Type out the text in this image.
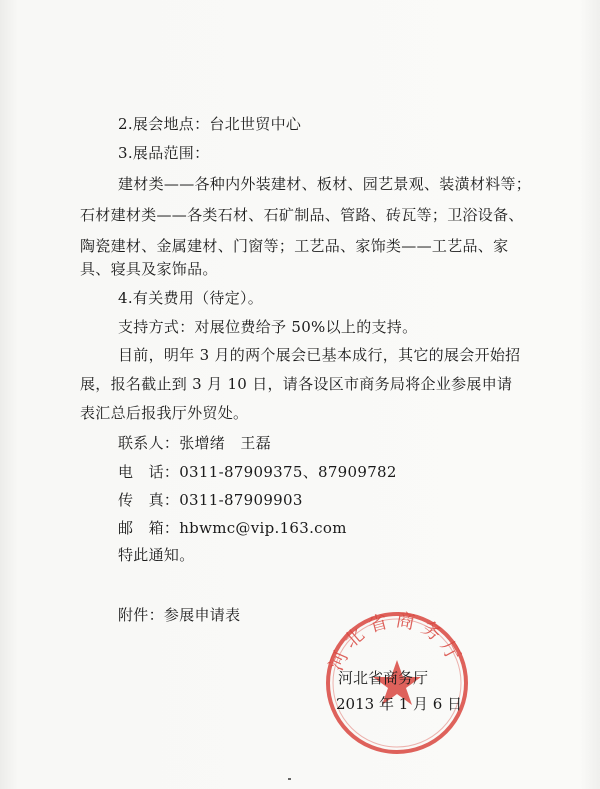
2.展会地点：台北世贸中心
3.展品范围：
建材类——各种内外装建材、板材、园艺景观、装潢材料等；
石材建材类——各类石材、石矿制品、管路、砖瓦等；卫浴设备、
陶瓷建材、金属建材、门窗等；工艺品、家饰类——工艺品、家
具、寝具及家饰品。
4.有关费用（待定）。
支持方式：对展位费给予 50%以上的支持。
目前，明年 3 月的两个展会已基本成行，其它的展会开始招
展，报名截止到 3 月 10 日，请各设区市商务局将企业参展申请
表汇总后报我厅外贸处。
联系人：张增绪　王磊
电　话：0311-87909375、87909782
传　真：0311-87909903
邮　箱：hbwmc@vip.163.com
特此通知。
附件：参展申请表
河北省商务厅
河北省商务厅
2013 年 1 月 6 日
